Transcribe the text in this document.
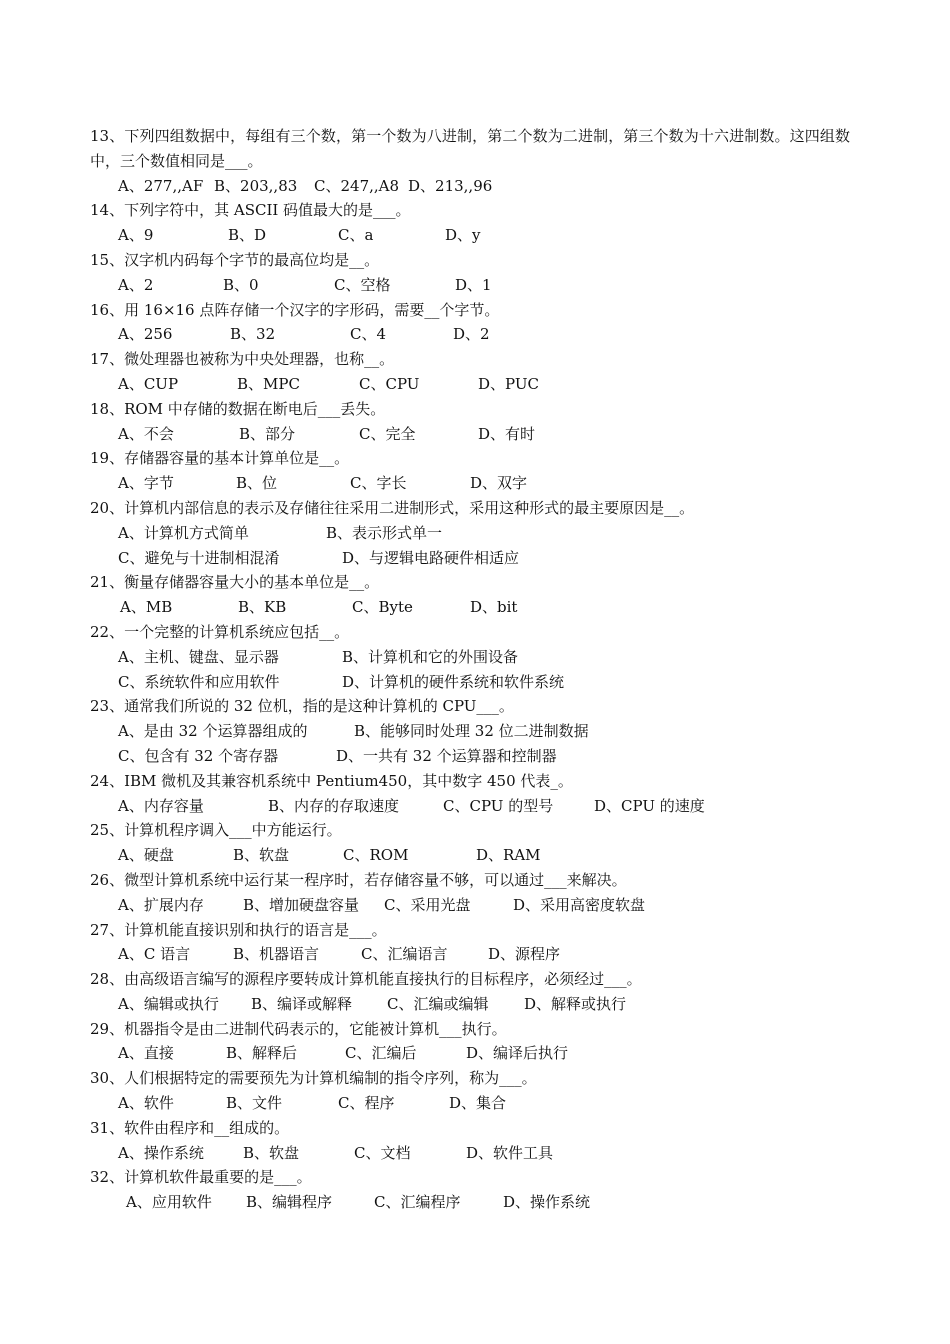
13、下列四组数据中，每组有三个数，第一个数为八进制，第二个数为二进制，第三个数为十六进制数。这四组数中，三个数值相同是___。
A、277,,AF B、203,,83 C、247,,A8 D、213,,96
14、下列字符中，其 ASCII 码值最大的是___。
A、9	B、D	C、a	D、y
15、汉字机内码每个字节的最高位均是__。
A、2	B、0	C、空格	D、1
16、用 16×16 点阵存储一个汉字的字形码，需要__个字节。
A、256	B、32	C、4	D、2
17、微处理器也被称为中央处理器，也称__。
A、CUP	B、MPC	C、CPU	D、PUC
18、ROM 中存储的数据在断电后___丢失。
A、不会	B、部分	C、完全	D、有时
19、存储器容量的基本计算单位是__。
A、字节	B、位	C、字长	D、双字
20、计算机内部信息的表示及存储往往采用二进制形式，采用这种形式的最主要原因是__。
A、计算机方式简单	B、表示形式单一
C、避免与十进制相混淆	D、与逻辑电路硬件相适应
21、衡量存储器容量大小的基本单位是__。
A、MB	B、KB	C、Byte	D、bit
22、一个完整的计算机系统应包括__。
A、主机、键盘、显示器	B、计算机和它的外围设备
C、系统软件和应用软件	D、计算机的硬件系统和软件系统
23、通常我们所说的 32 位机，指的是这种计算机的 CPU___。
A、是由 32 个运算器组成的	B、能够同时处理 32 位二进制数据
C、包含有 32 个寄存器	D、一共有 32 个运算器和控制器
24、IBM 微机及其兼容机系统中 Pentium450，其中数字 450 代表_。
A、内存容量	B、内存的存取速度	C、CPU 的型号	D、CPU 的速度
25、计算机程序调入___中方能运行。
A、硬盘	B、软盘	C、ROM	D、RAM
26、微型计算机系统中运行某一程序时，若存储容量不够，可以通过___来解决。
A、扩展内存	B、增加硬盘容量 C、采用光盘	D、采用高密度软盘
27、计算机能直接识别和执行的语言是___。
A、C 语言	B、机器语言	C、汇编语言	D、源程序
28、由高级语言编写的源程序要转成计算机能直接执行的目标程序，必须经过___。
A、编辑或执行 B、编译或解释 C、汇编或编辑 D、解释或执行
29、机器指令是由二进制代码表示的，它能被计算机___执行。
A、直接	B、解释后	C、汇编后	D、编译后执行
30、人们根据特定的需要预先为计算机编制的指令序列，称为___。
A、软件	B、文件	C、程序	D、集合
31、软件由程序和__组成的。
A、操作系统	B、软盘	C、文档	D、软件工具
32、计算机软件最重要的是___。
A、应用软件 B、编辑程序	C、汇编程序	D、操作系统
